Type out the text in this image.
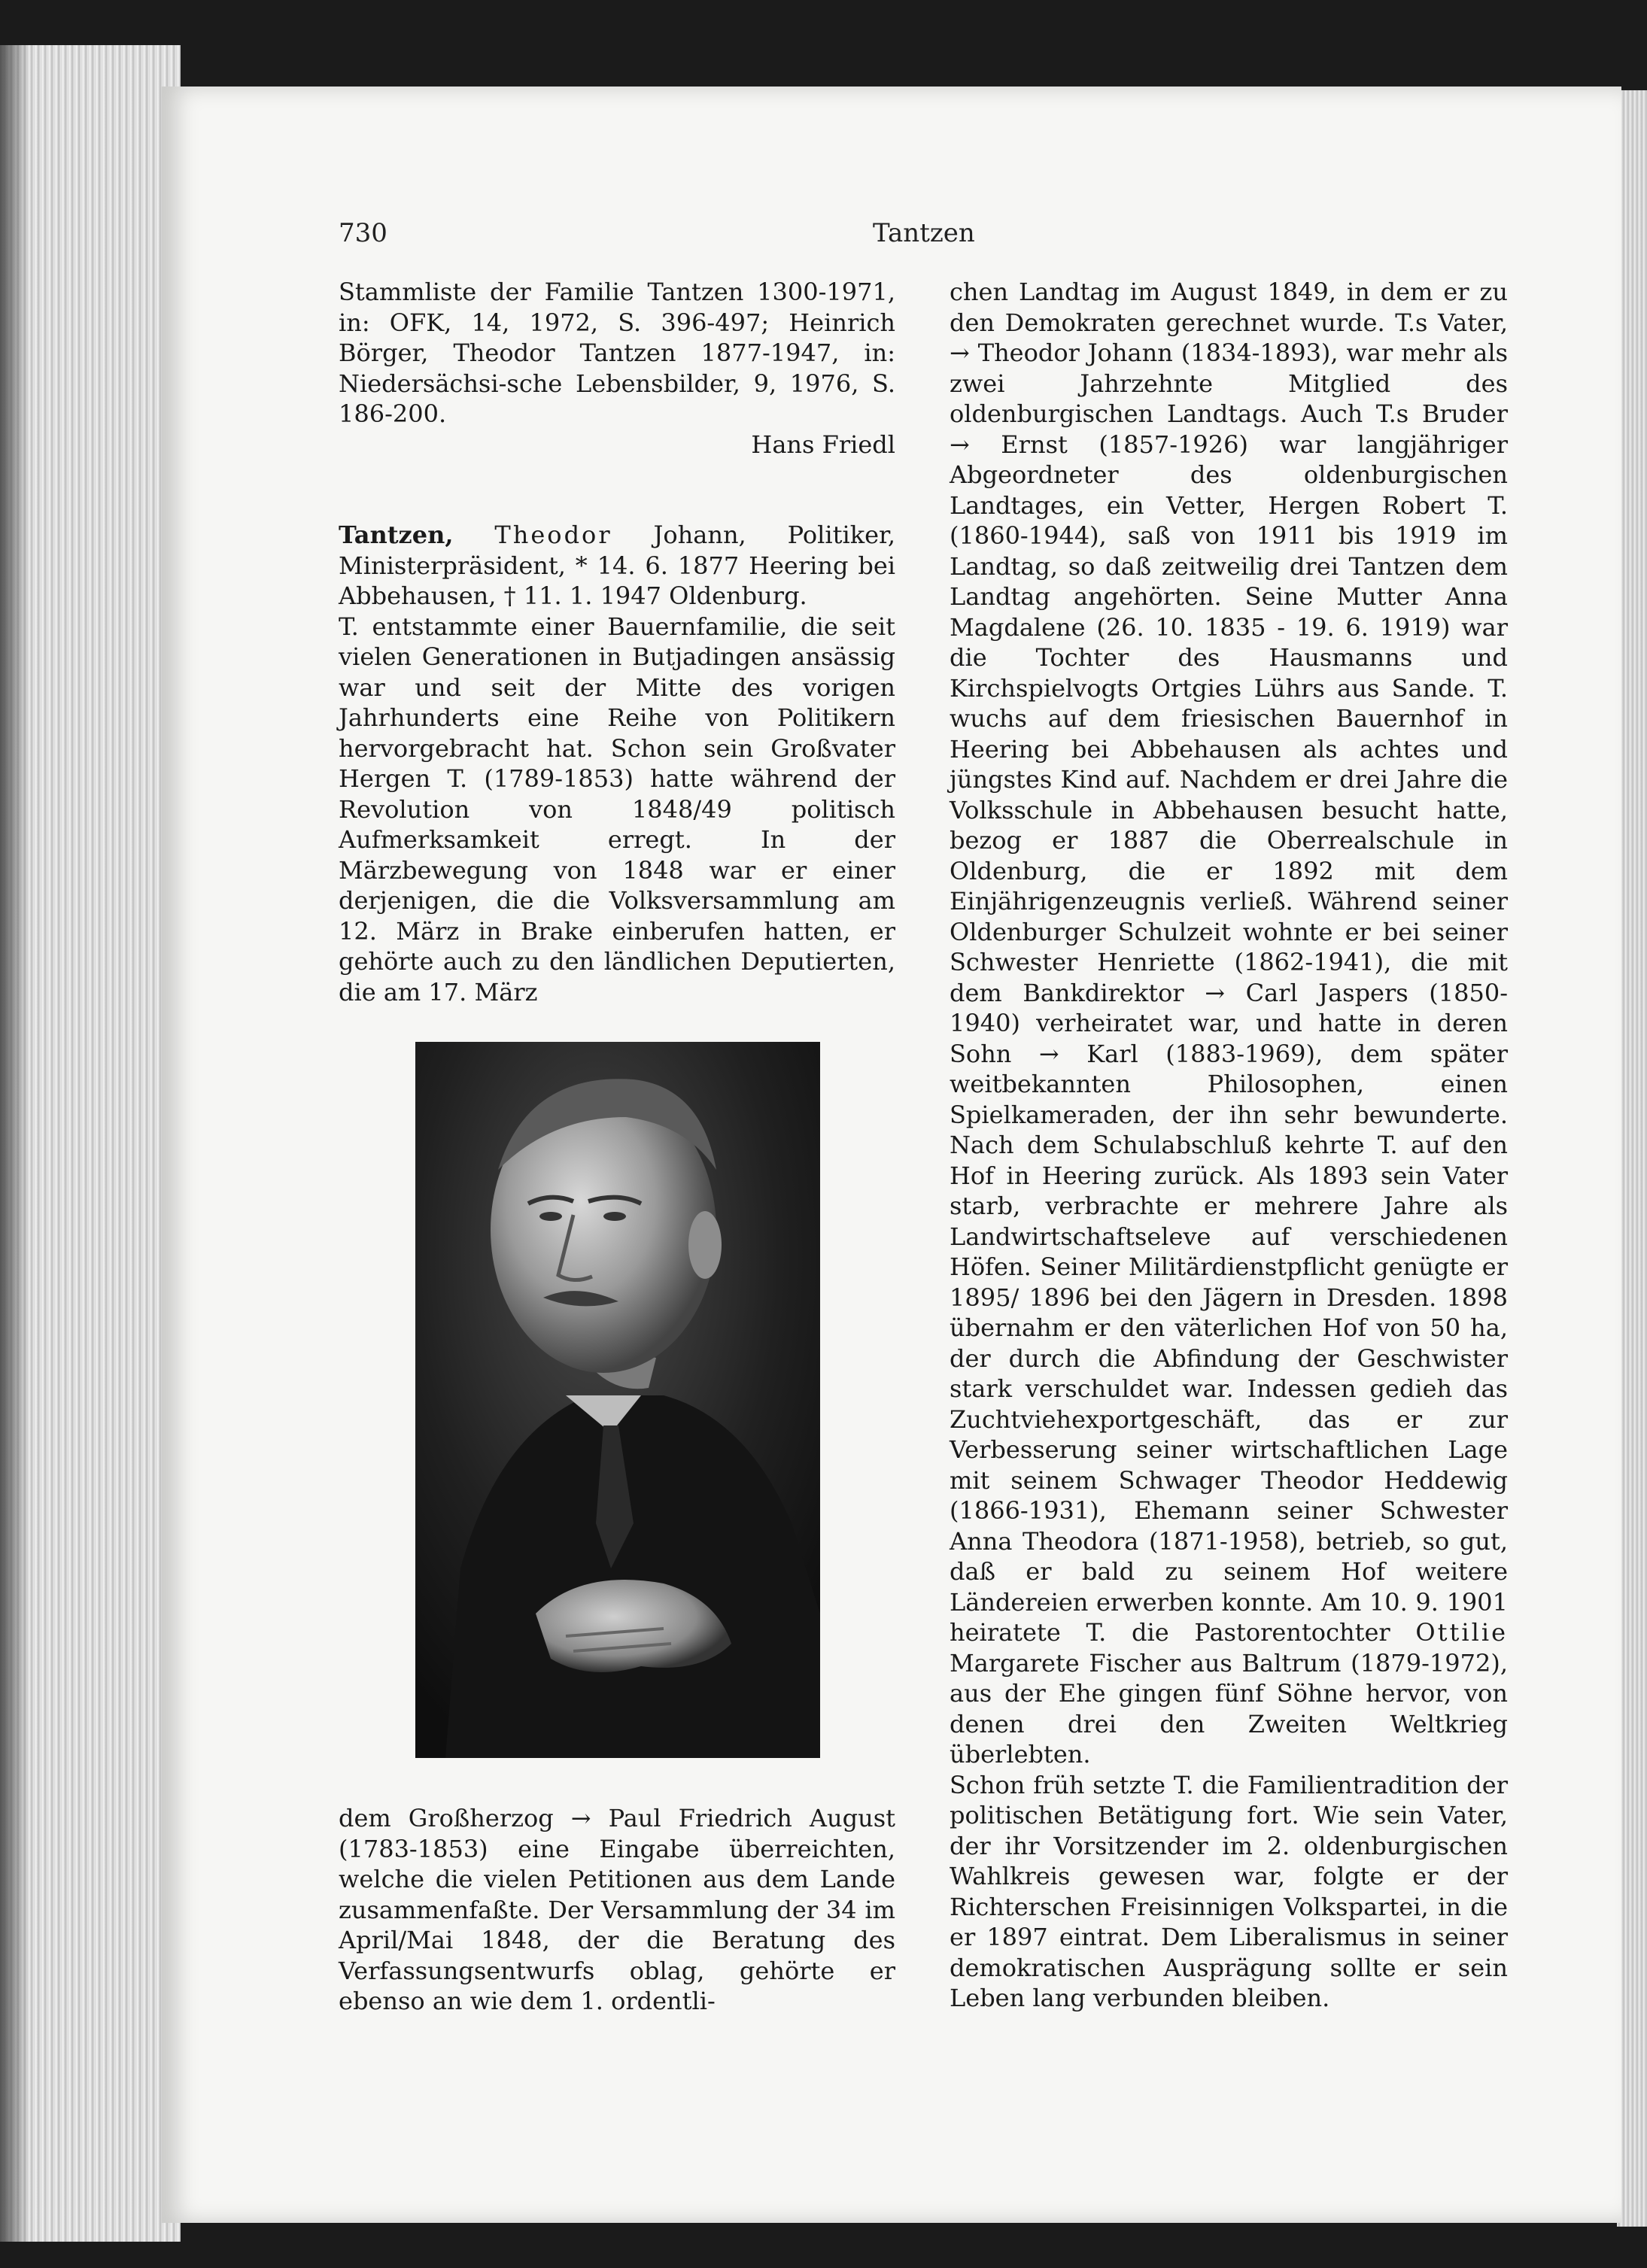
730	Tantzen

Stammliste der Familie Tantzen 1300-1971, in: OFK, 14, 1972, S. 396-497; Heinrich Börger, Theodor Tantzen 1877-1947, in: Niedersächsi-sche Lebensbilder, 9, 1976, S. 186-200.

Hans Friedl

Tantzen, Theodor Johann, Politiker, Ministerpräsident, * 14. 6. 1877 Heering bei Abbehausen, † 11. 1. 1947 Oldenburg.

T. entstammte einer Bauernfamilie, die seit vielen Generationen in Butjadingen ansässig war und seit der Mitte des vorigen Jahrhunderts eine Reihe von Politikern hervorgebracht hat. Schon sein Großvater Hergen T. (1789-1853) hatte während der Revolution von 1848/49 politisch Aufmerksamkeit erregt. In der Märzbewegung von 1848 war er einer derjenigen, die die Volksversammlung am 12. März in Brake einberufen hatten, er gehörte auch zu den ländlichen Deputierten, die am 17. März

dem Großherzog → Paul Friedrich August (1783-1853) eine Eingabe überreichten, welche die vielen Petitionen aus dem Lande zusammenfaßte. Der Versammlung der 34 im April/Mai 1848, der die Beratung des Verfassungsentwurfs oblag, gehörte er ebenso an wie dem 1. ordentli-

chen Landtag im August 1849, in dem er zu den Demokraten gerechnet wurde. T.s Vater, → Theodor Johann (1834-1893), war mehr als zwei Jahrzehnte Mitglied des oldenburgischen Landtags. Auch T.s Bruder → Ernst (1857-1926) war langjähriger Abgeordneter des oldenburgischen Landtages, ein Vetter, Hergen Robert T. (1860-1944), saß von 1911 bis 1919 im Landtag, so daß zeitweilig drei Tantzen dem Landtag angehörten. Seine Mutter Anna Magdalene (26. 10. 1835 - 19. 6. 1919) war die Tochter des Hausmanns und Kirchspielvogts Ortgies Lührs aus Sande. T. wuchs auf dem friesischen Bauernhof in Heering bei Abbehausen als achtes und jüngstes Kind auf. Nachdem er drei Jahre die Volksschule in Abbehausen besucht hatte, bezog er 1887 die Oberrealschule in Oldenburg, die er 1892 mit dem Einjährigenzeugnis verließ. Während seiner Oldenburger Schulzeit wohnte er bei seiner Schwester Henriette (1862-1941), die mit dem Bankdirektor → Carl Jaspers (1850-1940) verheiratet war, und hatte in deren Sohn → Karl (1883-1969), dem später weitbekannten Philosophen, einen Spielkameraden, der ihn sehr bewunderte. Nach dem Schulabschluß kehrte T. auf den Hof in Heering zurück. Als 1893 sein Vater starb, verbrachte er mehrere Jahre als Landwirtschaftseleve auf verschiedenen Höfen. Seiner Militärdienstpflicht genügte er 1895/ 1896 bei den Jägern in Dresden. 1898 übernahm er den väterlichen Hof von 50 ha, der durch die Abfindung der Geschwister stark verschuldet war. Indessen gedieh das Zuchtviehexportgeschäft, das er zur Verbesserung seiner wirtschaftlichen Lage mit seinem Schwager Theodor Heddewig (1866-1931), Ehemann seiner Schwester Anna Theodora (1871-1958), betrieb, so gut, daß er bald zu seinem Hof weitere Ländereien erwerben konnte. Am 10. 9. 1901 heiratete T. die Pastorentochter Ottilie Margarete Fischer aus Baltrum (1879-1972), aus der Ehe gingen fünf Söhne hervor, von denen drei den Zweiten Weltkrieg überlebten.

Schon früh setzte T. die Familientradition der politischen Betätigung fort. Wie sein Vater, der ihr Vorsitzender im 2. oldenburgischen Wahlkreis gewesen war, folgte er der Richterschen Freisinnigen Volkspartei, in die er 1897 eintrat. Dem Liberalismus in seiner demokratischen Ausprägung sollte er sein Leben lang verbunden bleiben.
